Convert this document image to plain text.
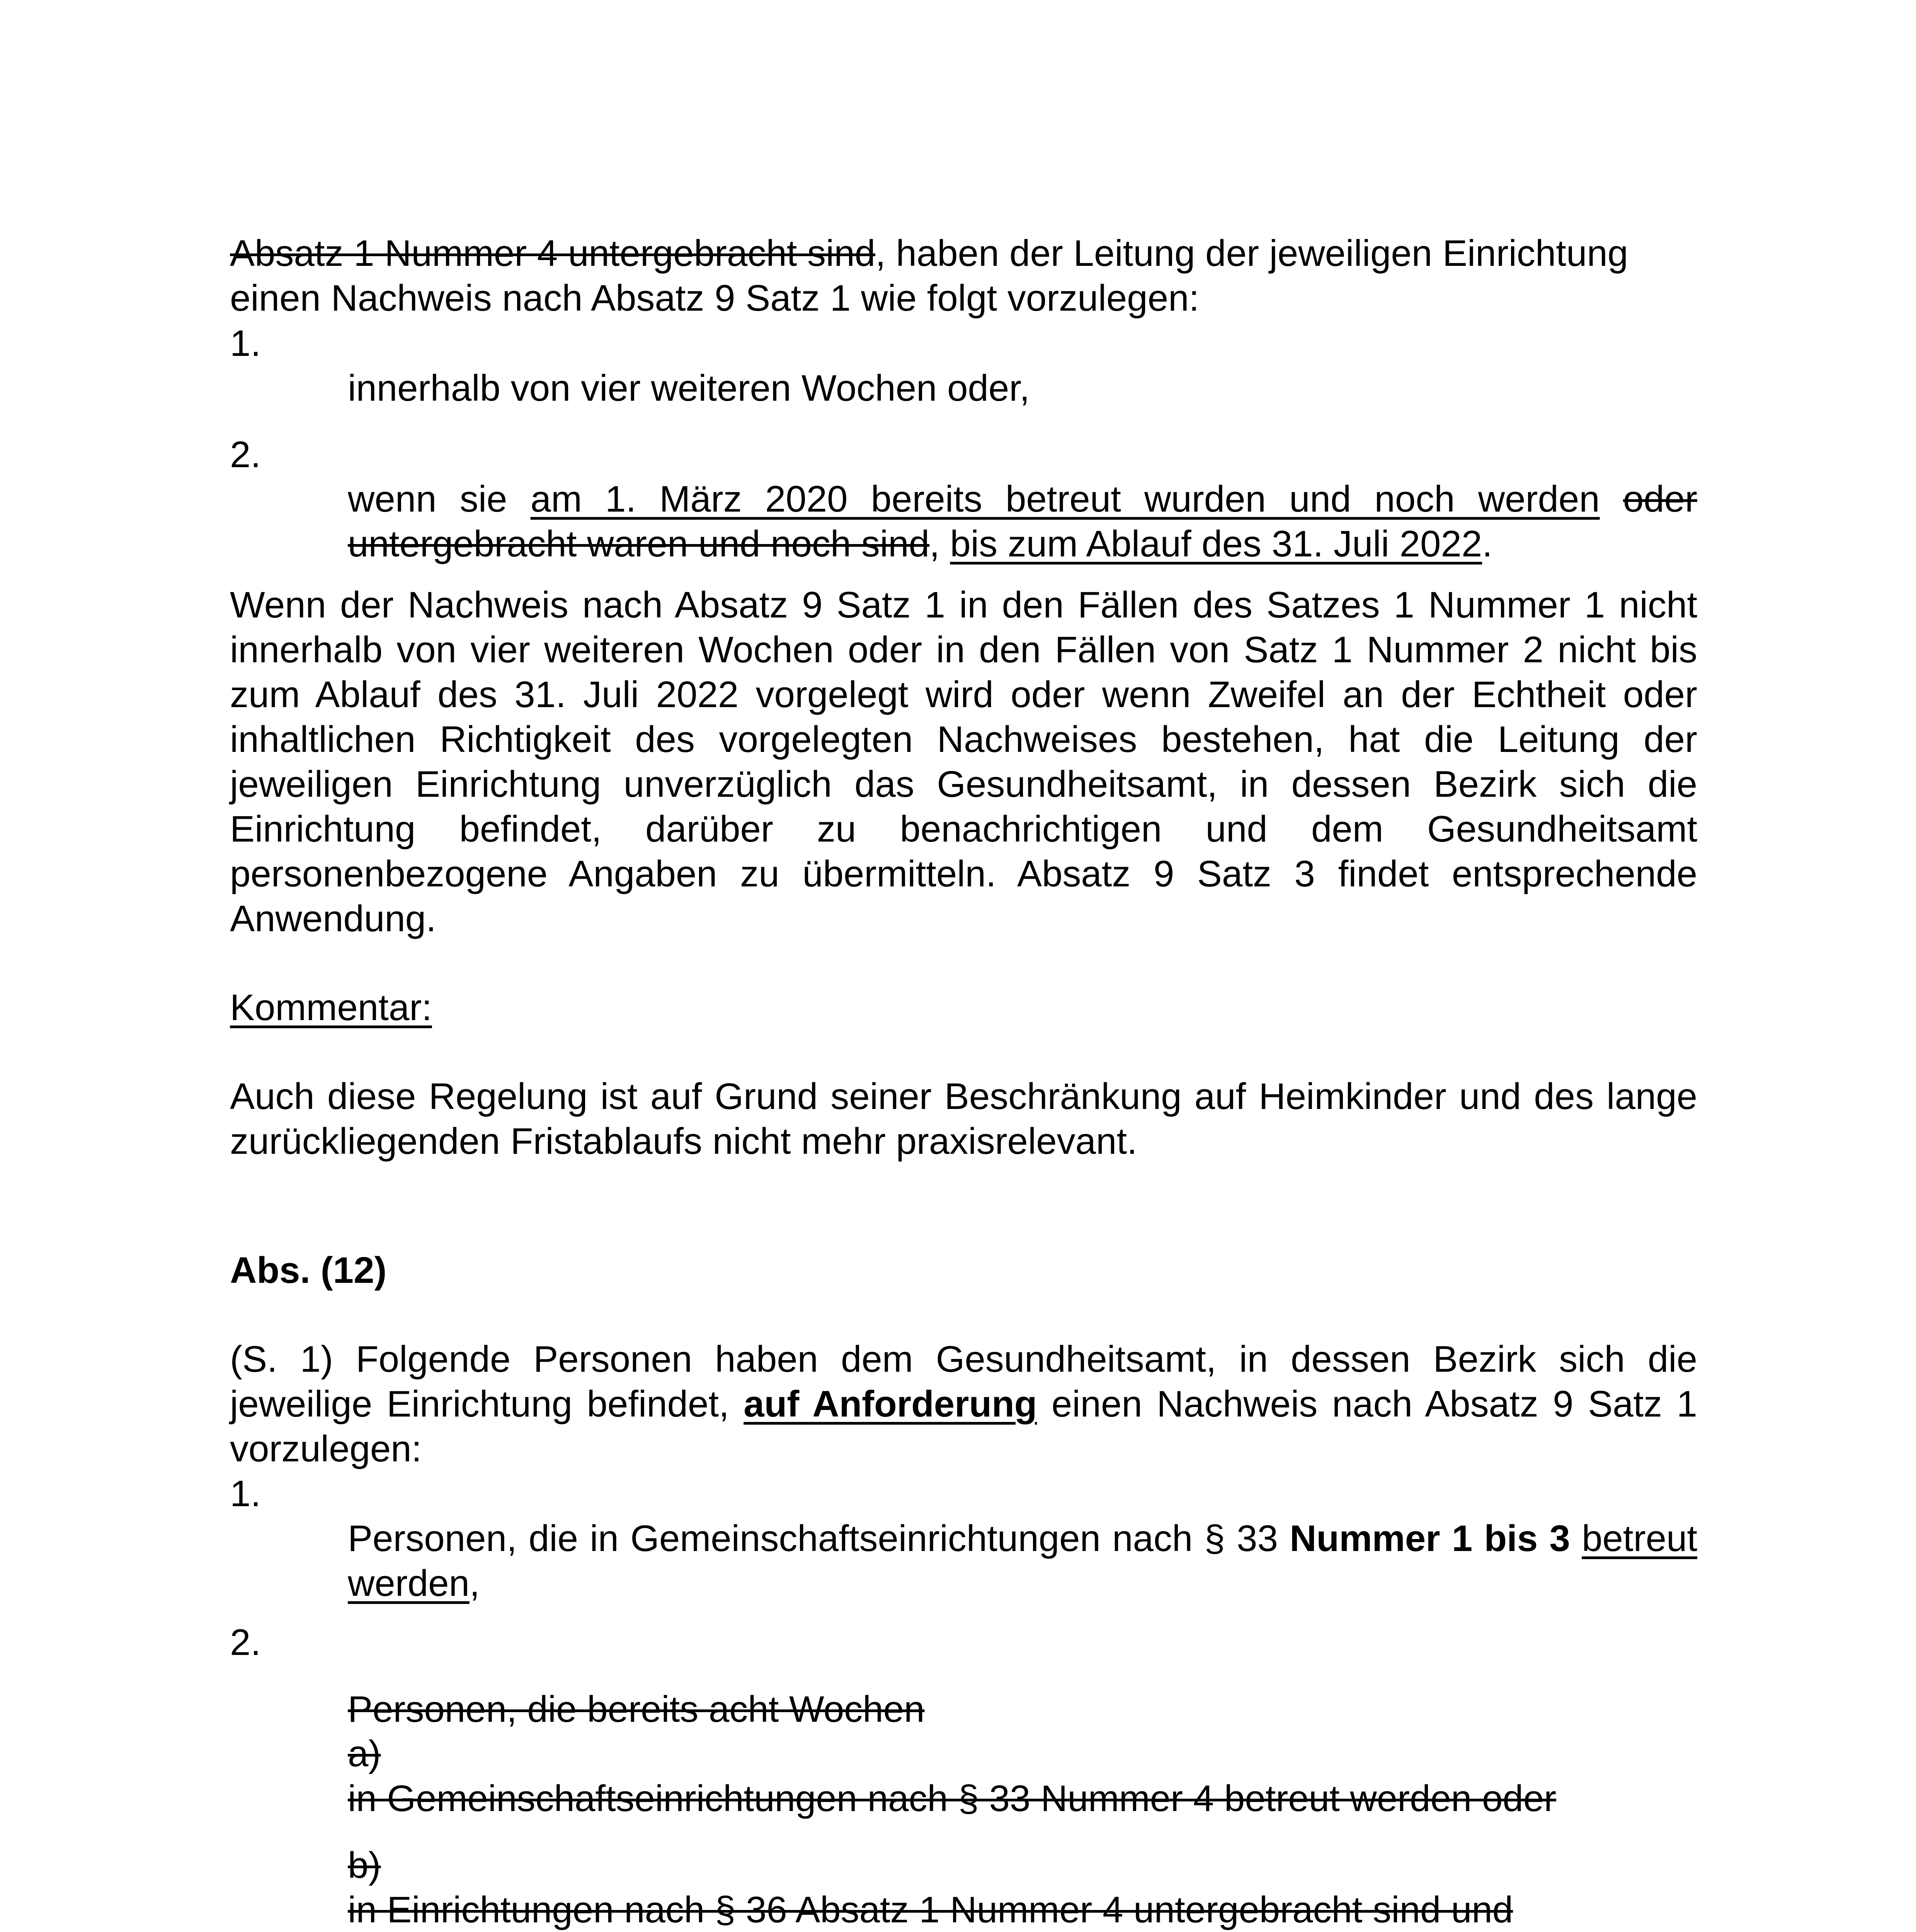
Absatz 1 Nummer 4 untergebracht sind, haben der Leitung der jeweiligen Einrichtung

einen Nachweis nach Absatz 9 Satz 1 wie folgt vorzulegen:

1.
innerhalb von vier weiteren Wochen oder,
2.
wenn sie am 1. März 2020 bereits betreut wurden und noch werden oder untergebracht waren und noch sind, bis zum Ablauf des 31. Juli 2022.
Wenn der Nachweis nach Absatz 9 Satz 1 in den Fällen des Satzes 1 Nummer 1 nicht innerhalb von vier weiteren Wochen oder in den Fällen von Satz 1 Nummer 2 nicht bis zum Ablauf des 31. Juli 2022 vorgelegt wird oder wenn Zweifel an der Echtheit oder inhaltlichen Richtigkeit des vorgelegten Nachweises bestehen, hat die Leitung der jeweiligen Einrichtung unverzüglich das Gesundheitsamt, in dessen Bezirk sich die Einrichtung befindet, darüber zu benachrichtigen und dem Gesundheitsamt personenbezogene Angaben zu übermitteln. Absatz 9 Satz 3 findet entsprechende Anwendung.
Kommentar:
Auch diese Regelung ist auf Grund seiner Beschränkung auf Heimkinder und des lange zurückliegenden Fristablaufs nicht mehr praxisrelevant.
Abs. (12)
(S. 1) Folgende Personen haben dem Gesundheitsamt, in dessen Bezirk sich die jeweilige Einrichtung befindet, auf Anforderung einen Nachweis nach Absatz 9 Satz 1 vorzulegen:
1.
Personen, die in Gemeinschaftseinrichtungen nach § 33 Nummer 1 bis 3 betreut werden,
2.
Personen, die bereits acht Wochen
a)
in Gemeinschaftseinrichtungen nach § 33 Nummer 4 betreut werden oder
b)
in Einrichtungen nach § 36 Absatz 1 Nummer 4 untergebracht sind und
